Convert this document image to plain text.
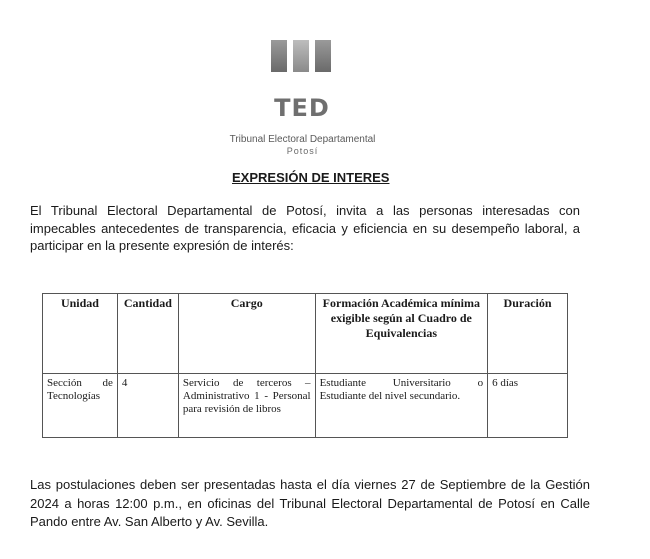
TED
Tribunal Electoral Departamental
Potosí
EXPRESIÓN DE INTERES

El Tribunal Electoral Departamental de Potosí, invita a las personas interesadas con impecables antecedentes de transparencia, eficacia y eficiencia en su desempeño laboral, a participar en la presente expresión de interés:

Unidad	Cantidad	Cargo	Formación Académica mínima exigible según al Cuadro de Equivalencias	Duración
Sección de Tecnologías	4	Servicio de terceros – Administrativo 1 - Personal para revisión de libros	Estudiante Universitario o Estudiante del nivel secundario.	6 días

Las postulaciones deben ser presentadas hasta el día viernes 27 de Septiembre de la Gestión 2024 a horas 12:00 p.m., en oficinas del Tribunal Electoral Departamental de Potosí en Calle Pando entre Av. San Alberto y Av. Sevilla.
